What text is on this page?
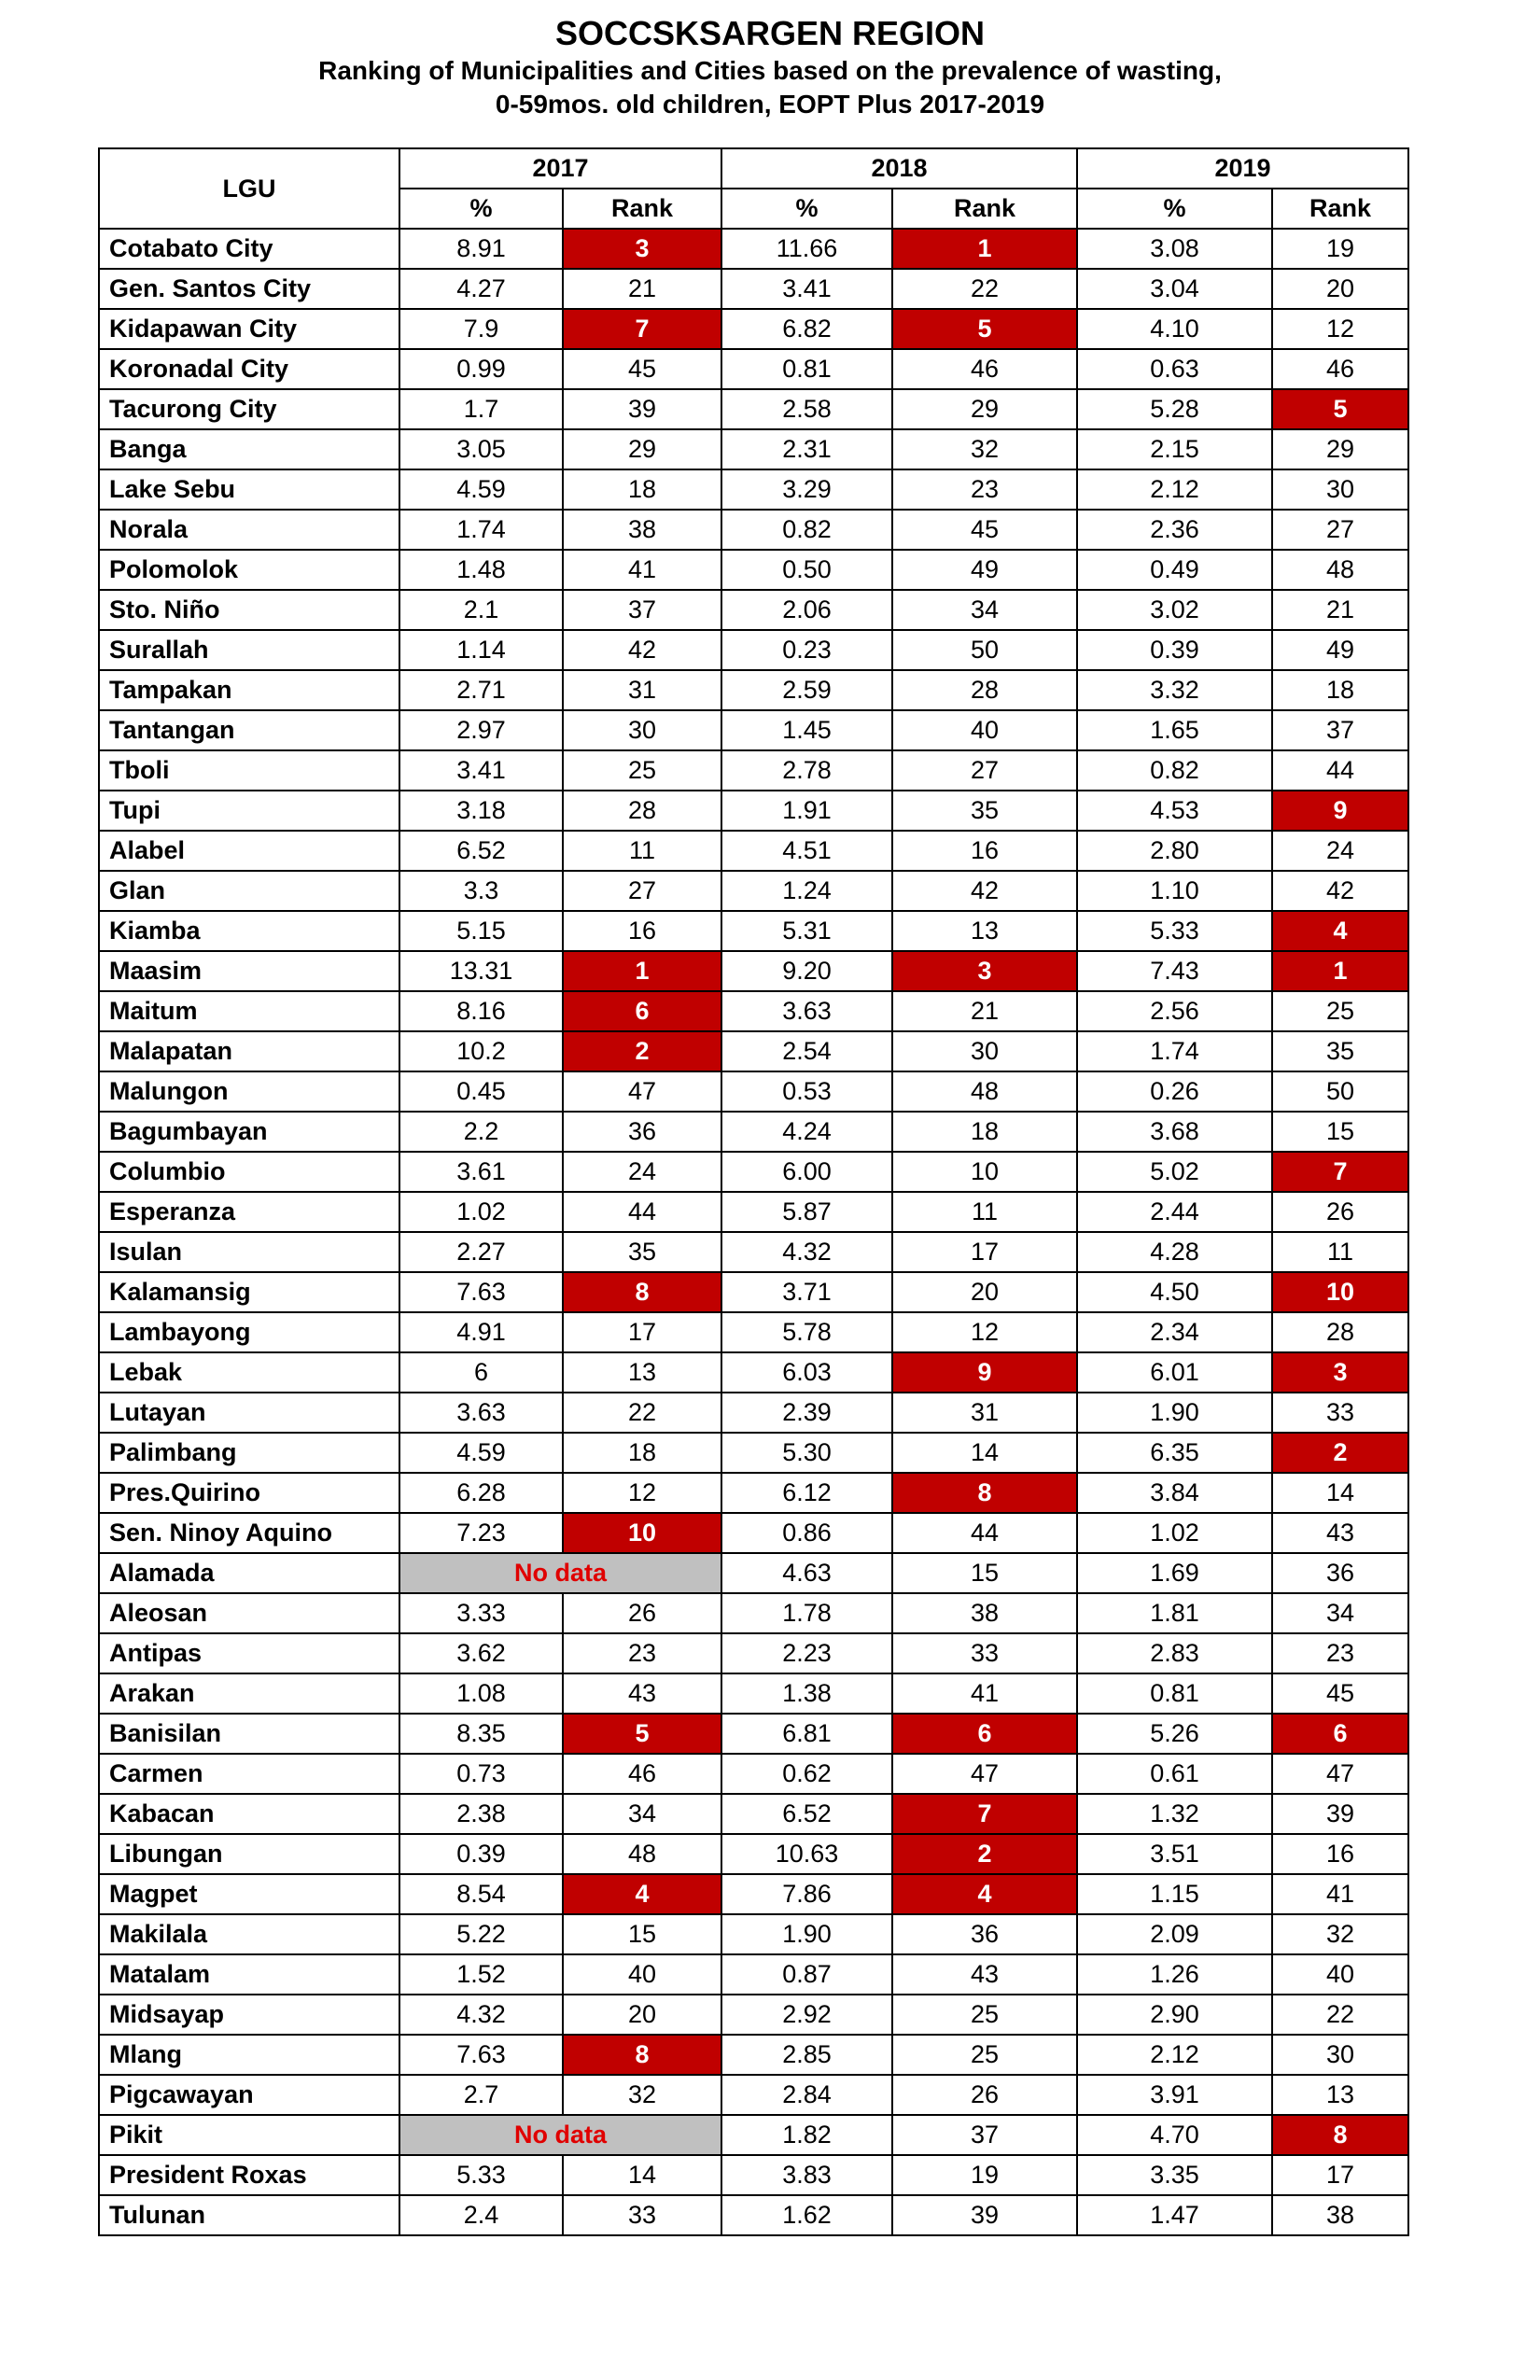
SOCCSKSARGEN REGION
Ranking of Municipalities and Cities based on the prevalence of wasting,
0-59mos. old children, EOPT Plus 2017-2019
LGU	2017		2018		2019	
	%	Rank	%	Rank	%	Rank
Cotabato City	8.91	3	11.66	1	3.08	19
Gen. Santos City	4.27	21	3.41	22	3.04	20
Kidapawan City	7.9	7	6.82	5	4.10	12
Koronadal City	0.99	45	0.81	46	0.63	46
Tacurong City	1.7	39	2.58	29	5.28	5
Banga	3.05	29	2.31	32	2.15	29
Lake Sebu	4.59	18	3.29	23	2.12	30
Norala	1.74	38	0.82	45	2.36	27
Polomolok	1.48	41	0.50	49	0.49	48
Sto. Niño	2.1	37	2.06	34	3.02	21
Surallah	1.14	42	0.23	50	0.39	49
Tampakan	2.71	31	2.59	28	3.32	18
Tantangan	2.97	30	1.45	40	1.65	37
Tboli	3.41	25	2.78	27	0.82	44
Tupi	3.18	28	1.91	35	4.53	9
Alabel	6.52	11	4.51	16	2.80	24
Glan	3.3	27	1.24	42	1.10	42
Kiamba	5.15	16	5.31	13	5.33	4
Maasim	13.31	1	9.20	3	7.43	1
Maitum	8.16	6	3.63	21	2.56	25
Malapatan	10.2	2	2.54	30	1.74	35
Malungon	0.45	47	0.53	48	0.26	50
Bagumbayan	2.2	36	4.24	18	3.68	15
Columbio	3.61	24	6.00	10	5.02	7
Esperanza	1.02	44	5.87	11	2.44	26
Isulan	2.27	35	4.32	17	4.28	11
Kalamansig	7.63	8	3.71	20	4.50	10
Lambayong	4.91	17	5.78	12	2.34	28
Lebak	6	13	6.03	9	6.01	3
Lutayan	3.63	22	2.39	31	1.90	33
Palimbang	4.59	18	5.30	14	6.35	2
Pres.Quirino	6.28	12	6.12	8	3.84	14
Sen. Ninoy Aquino	7.23	10	0.86	44	1.02	43
Alamada	No data		4.63	15	1.69	36
Aleosan	3.33	26	1.78	38	1.81	34
Antipas	3.62	23	2.23	33	2.83	23
Arakan	1.08	43	1.38	41	0.81	45
Banisilan	8.35	5	6.81	6	5.26	6
Carmen	0.73	46	0.62	47	0.61	47
Kabacan	2.38	34	6.52	7	1.32	39
Libungan	0.39	48	10.63	2	3.51	16
Magpet	8.54	4	7.86	4	1.15	41
Makilala	5.22	15	1.90	36	2.09	32
Matalam	1.52	40	0.87	43	1.26	40
Midsayap	4.32	20	2.92	25	2.90	22
Mlang	7.63	8	2.85	25	2.12	30
Pigcawayan	2.7	32	2.84	26	3.91	13
Pikit	No data		1.82	37	4.70	8
President Roxas	5.33	14	3.83	19	3.35	17
Tulunan	2.4	33	1.62	39	1.47	38
